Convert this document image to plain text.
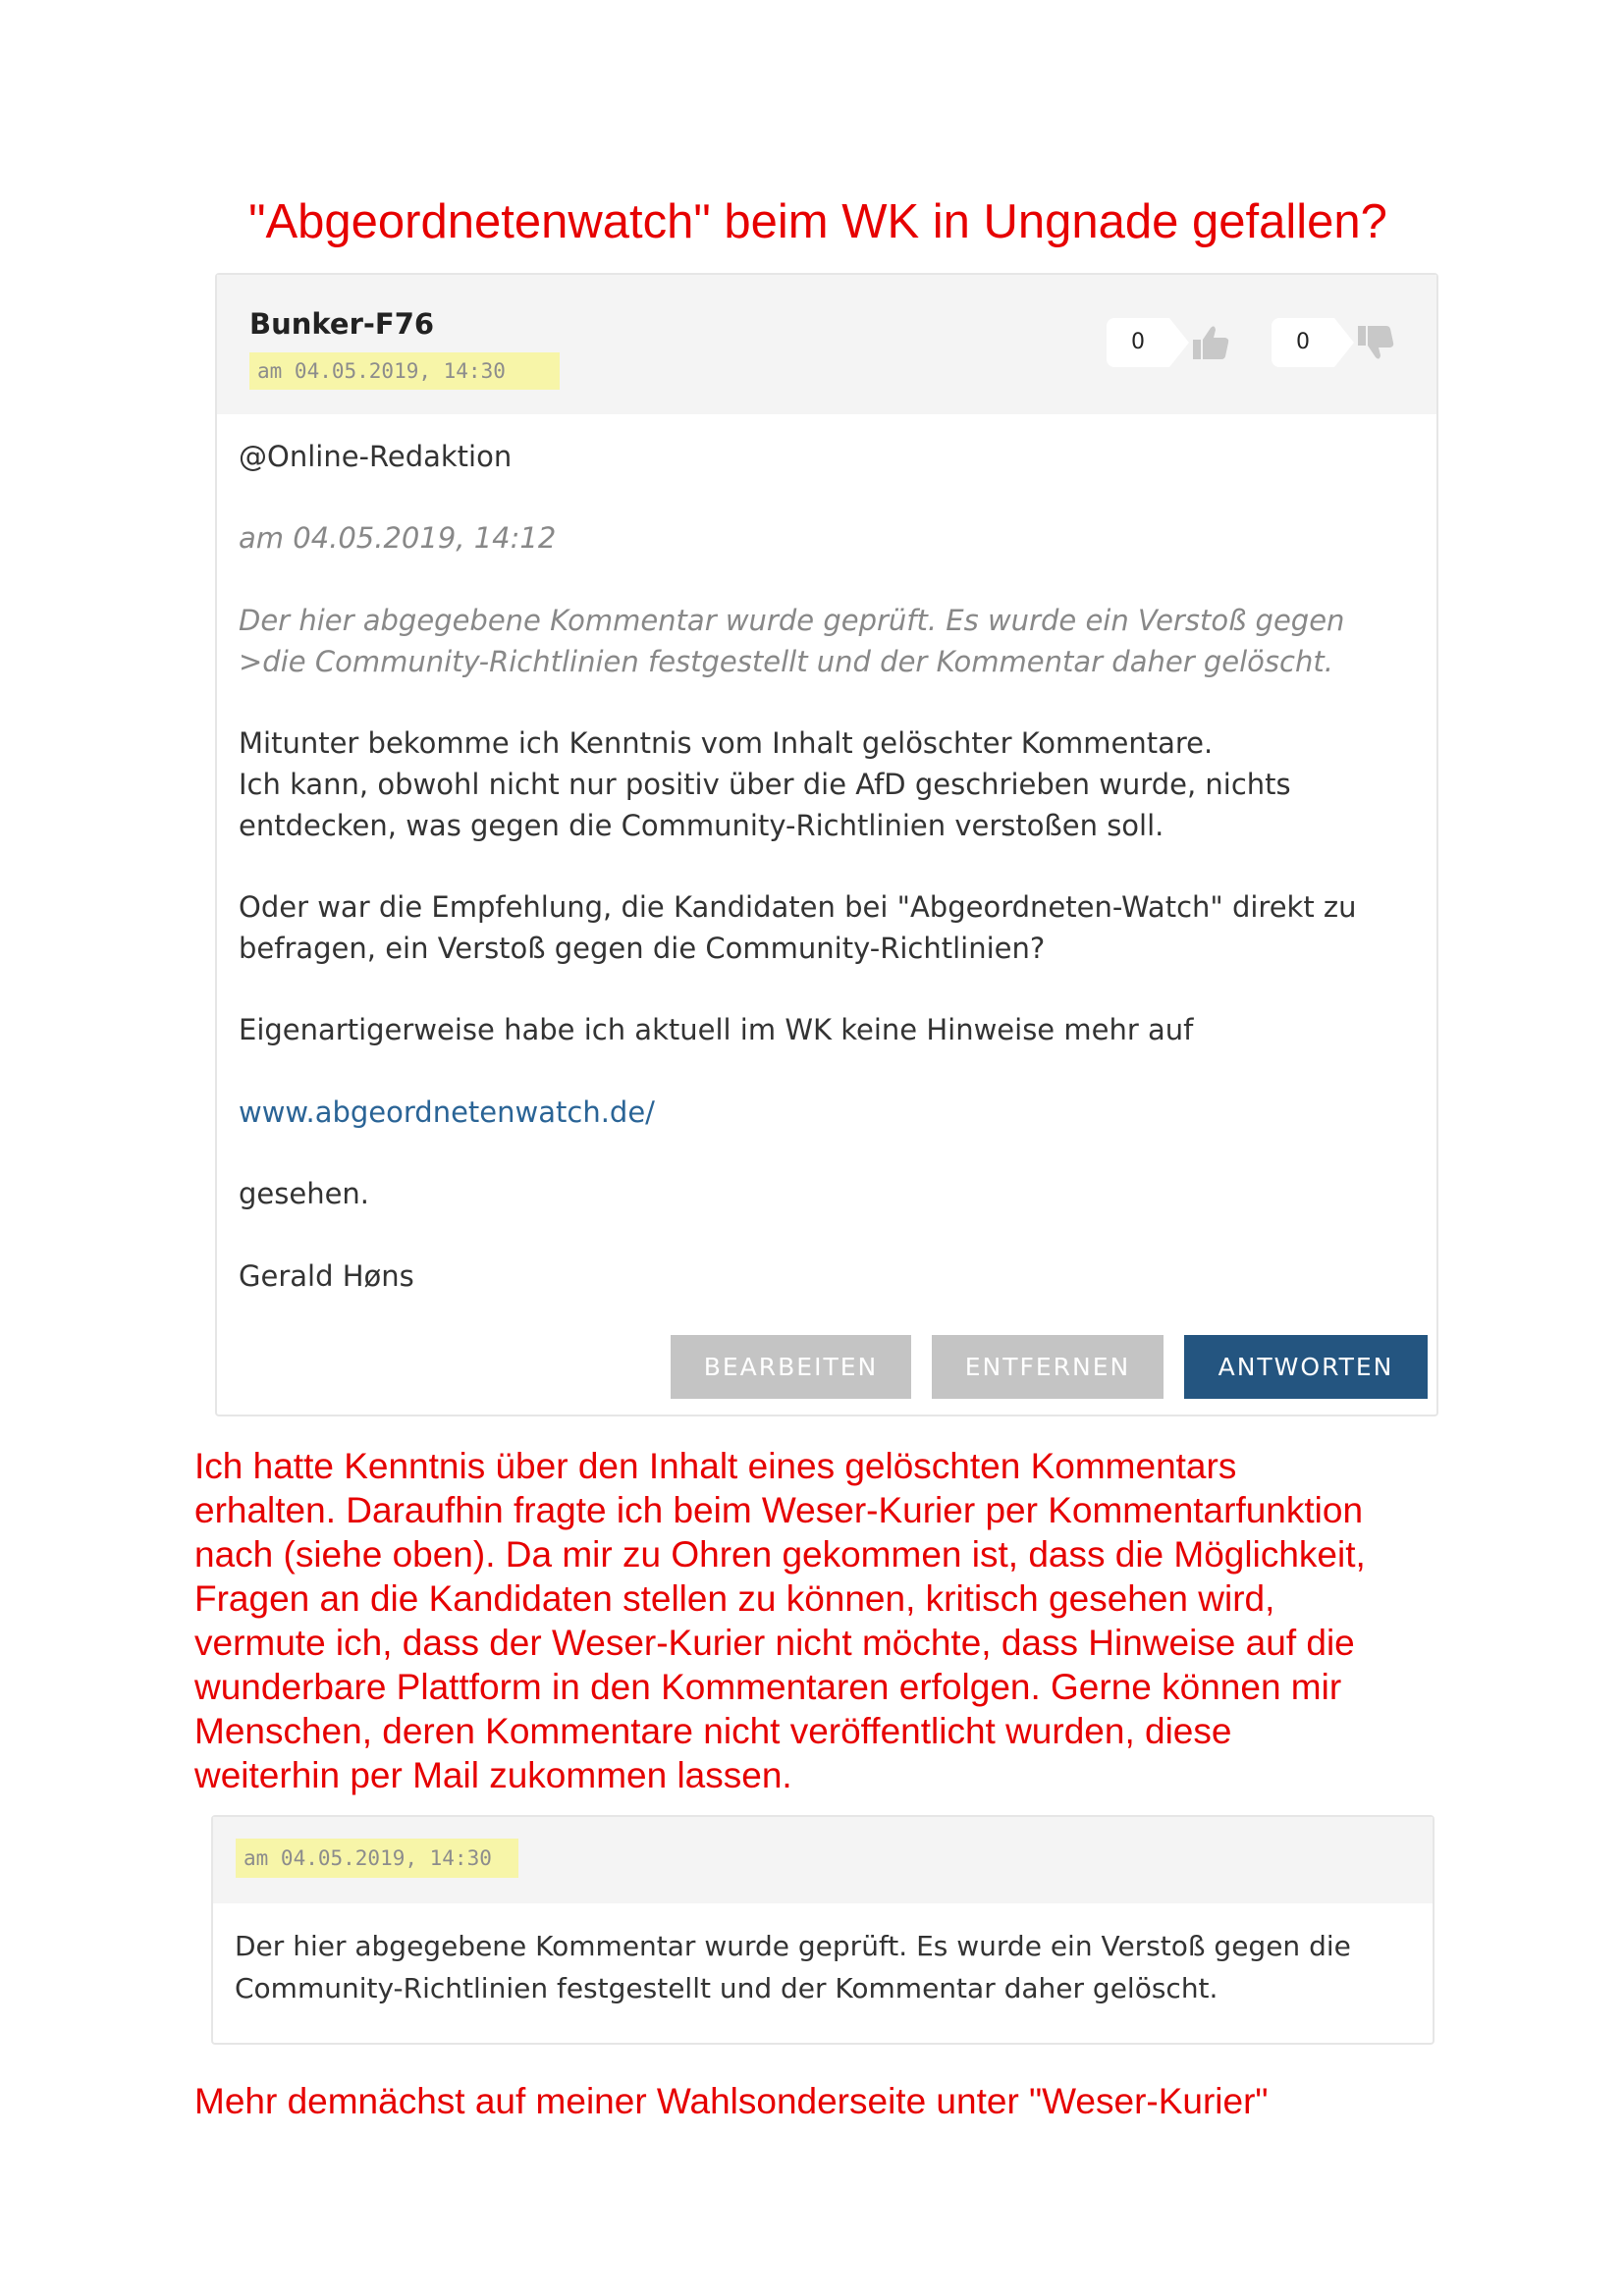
"Abgeordnetenwatch" beim WK in Ungnade gefallen?
Bunker-F76
am 04.05.2019, 14:30
0	0
@Online-Redaktion
am 04.05.2019, 14:12
Der hier abgegebene Kommentar wurde geprüft. Es wurde ein Verstoß gegen
>die Community-Richtlinien festgestellt und der Kommentar daher gelöscht.
Mitunter bekomme ich Kenntnis vom Inhalt gelöschter Kommentare.
Ich kann, obwohl nicht nur positiv über die AfD geschrieben wurde, nichts
entdecken, was gegen die Community-Richtlinien verstoßen soll.
Oder war die Empfehlung, die Kandidaten bei "Abgeordneten-Watch" direkt zu
befragen, ein Verstoß gegen die Community-Richtlinien?
Eigenartigerweise habe ich aktuell im WK keine Hinweise mehr auf
www.abgeordnetenwatch.de/
gesehen.
Gerald Høns
BEARBEITEN	ENTFERNEN	ANTWORTEN
Ich hatte Kenntnis über den Inhalt eines gelöschten Kommentars
erhalten. Daraufhin fragte ich beim Weser-Kurier per Kommentarfunktion
nach (siehe oben). Da mir zu Ohren gekommen ist, dass die Möglichkeit,
Fragen an die Kandidaten stellen zu können, kritisch gesehen wird,
vermute ich, dass der Weser-Kurier nicht möchte, dass Hinweise auf die
wunderbare Plattform in den Kommentaren erfolgen. Gerne können mir
Menschen, deren Kommentare nicht veröffentlicht wurden, diese
weiterhin per Mail zukommen lassen.
am 04.05.2019, 14:30
Der hier abgegebene Kommentar wurde geprüft. Es wurde ein Verstoß gegen die
Community-Richtlinien festgestellt und der Kommentar daher gelöscht.
Mehr demnächst auf meiner Wahlsonderseite unter "Weser-Kurier"
